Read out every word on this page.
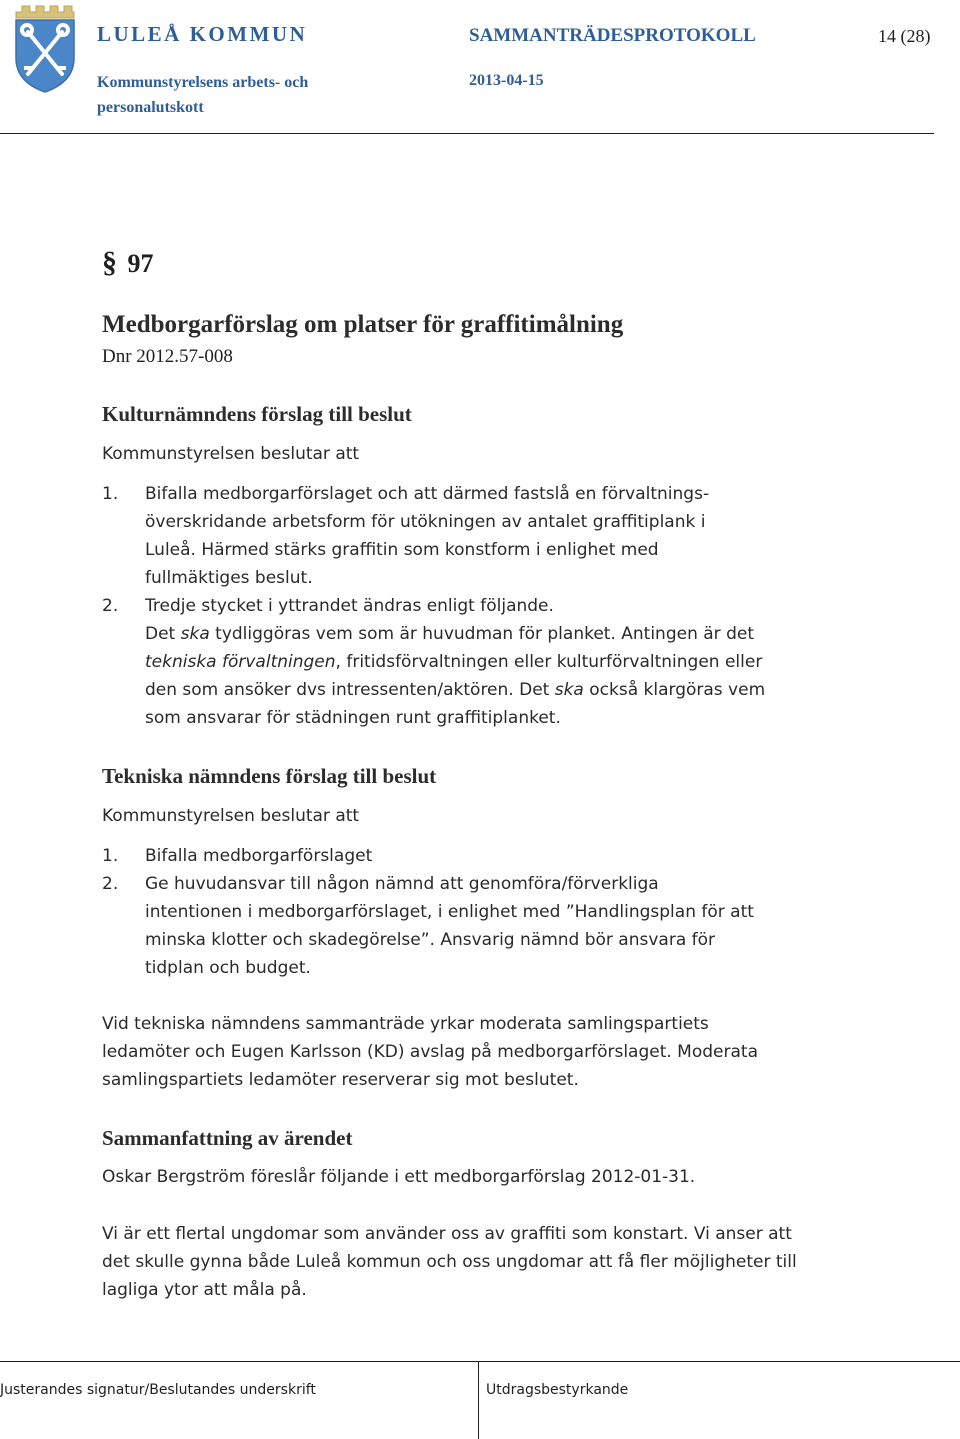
LULEÅ KOMMUN
Kommunstyrelsens arbets- och
personalutskott
SAMMANTRÄDESPROTOKOLL
2013-04-15
14 (28)
§ 97
Medborgarförslag om platser för graffitimålning
Dnr 2012.57-008
Kulturnämndens förslag till beslut
Kommunstyrelsen beslutar att
1. Bifalla medborgarförslaget och att därmed fastslå en förvaltnings-
överskridande arbetsform för utökningen av antalet graffitiplank i
Luleå. Härmed stärks graffitin som konstform i enlighet med
fullmäktiges beslut.
2. Tredje stycket i yttrandet ändras enligt följande.
Det ska tydliggöras vem som är huvudman för planket. Antingen är det
tekniska förvaltningen, fritidsförvaltningen eller kulturförvaltningen eller
den som ansöker dvs intressenten/aktören. Det ska också klargöras vem
som ansvarar för städningen runt graffitiplanket.
Tekniska nämndens förslag till beslut
Kommunstyrelsen beslutar att
1. Bifalla medborgarförslaget
2. Ge huvudansvar till någon nämnd att genomföra/förverkliga
intentionen i medborgarförslaget, i enlighet med ”Handlingsplan för att
minska klotter och skadegörelse”. Ansvarig nämnd bör ansvara för
tidplan och budget.
Vid tekniska nämndens sammanträde yrkar moderata samlingspartiets
ledamöter och Eugen Karlsson (KD) avslag på medborgarförslaget. Moderata
samlingspartiets ledamöter reserverar sig mot beslutet.
Sammanfattning av ärendet
Oskar Bergström föreslår följande i ett medborgarförslag 2012-01-31.
Vi är ett flertal ungdomar som använder oss av graffiti som konstart. Vi anser att
det skulle gynna både Luleå kommun och oss ungdomar att få fler möjligheter till
lagliga ytor att måla på.
Justerandes signatur/Beslutandes underskrift	Utdragsbestyrkande
